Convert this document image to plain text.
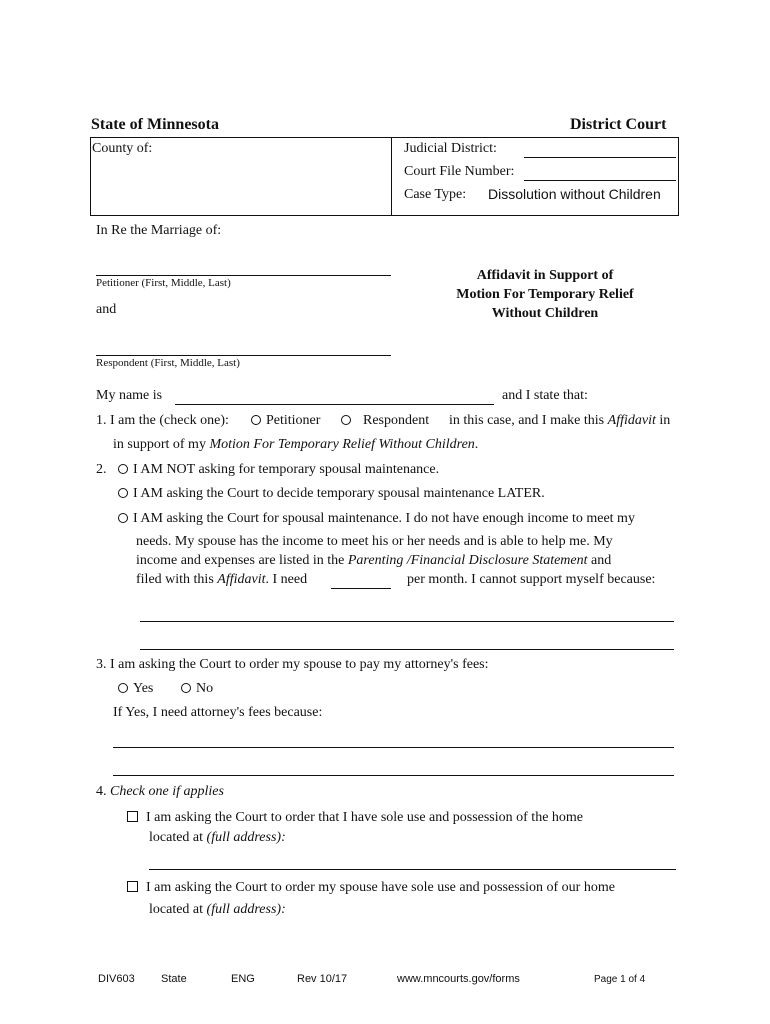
State of Minnesota	District Court
County of:	Judicial District:
Court File Number:
Case Type: Dissolution without Children
In Re the Marriage of:
Petitioner (First, Middle, Last)
and
Respondent (First, Middle, Last)
Affidavit in Support of
Motion For Temporary Relief
Without Children
My name is	and I state that:
1. I am the (check one):	Petitioner	Respondent in this case, and I make this Affidavit in
in support of my Motion For Temporary Relief Without Children.
2.	I AM NOT asking for temporary spousal maintenance.
I AM asking the Court to decide temporary spousal maintenance LATER.
I AM asking the Court for spousal maintenance. I do not have enough income to meet my
needs. My spouse has the income to meet his or her needs and is able to help me. My
income and expenses are listed in the Parenting /Financial Disclosure Statement and
filed with this Affidavit. I need	per month. I cannot support myself because:
3. I am asking the Court to order my spouse to pay my attorney's fees:
Yes	No
If Yes, I need attorney's fees because:
4. Check one if applies
I am asking the Court to order that I have sole use and possession of the home
located at (full address):
I am asking the Court to order my spouse have sole use and possession of our home
located at (full address):
DIV603 State	ENG	Rev 10/17	www.mncourts.gov/forms	Page 1 of 4
